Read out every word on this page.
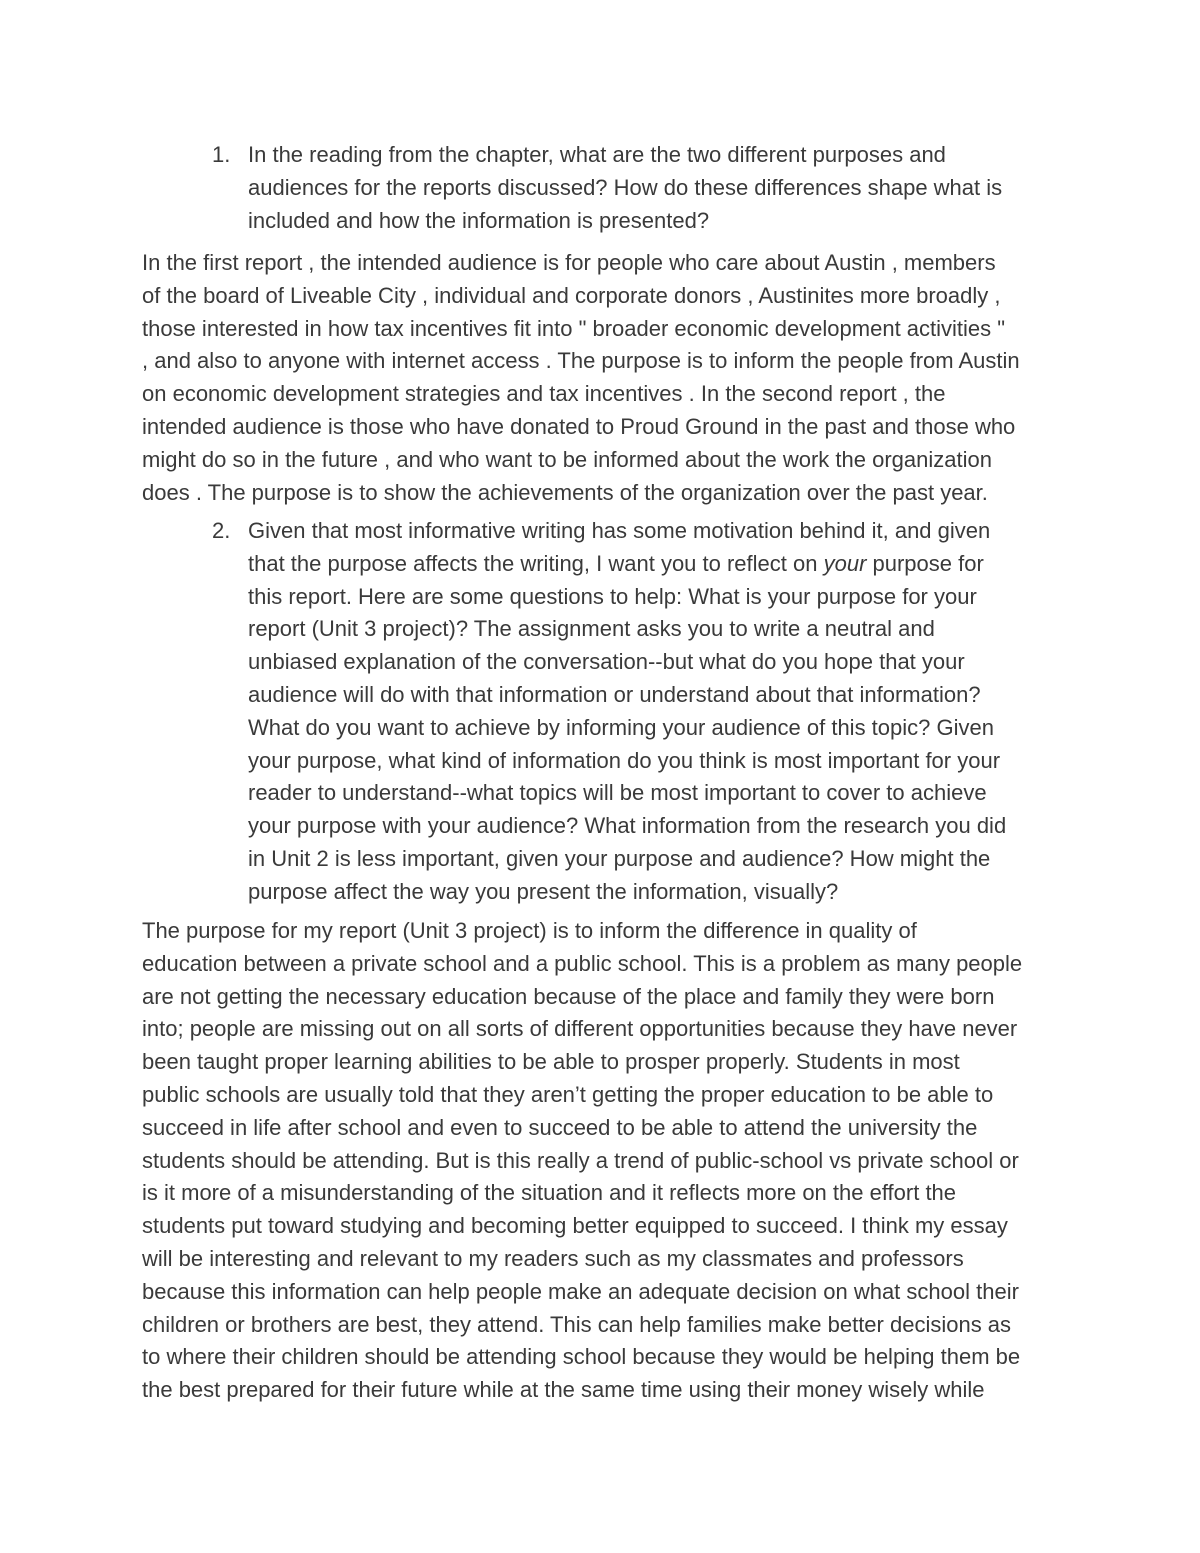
1. In the reading from the chapter, what are the two different purposes and
audiences for the reports discussed? How do these differences shape what is
included and how the information is presented?
In the first report , the intended audience is for people who care about Austin , members
of the board of Liveable City , individual and corporate donors , Austinites more broadly ,
those interested in how tax incentives fit into " broader economic development activities "
, and also to anyone with internet access . The purpose is to inform the people from Austin
on economic development strategies and tax incentives . In the second report , the
intended audience is those who have donated to Proud Ground in the past and those who
might do so in the future , and who want to be informed about the work the organization
does . The purpose is to show the achievements of the organization over the past year.
2. Given that most informative writing has some motivation behind it, and given
that the purpose affects the writing, I want you to reflect on your purpose for
this report. Here are some questions to help: What is your purpose for your
report (Unit 3 project)? The assignment asks you to write a neutral and
unbiased explanation of the conversation--but what do you hope that your
audience will do with that information or understand about that information?
What do you want to achieve by informing your audience of this topic? Given
your purpose, what kind of information do you think is most important for your
reader to understand--what topics will be most important to cover to achieve
your purpose with your audience? What information from the research you did
in Unit 2 is less important, given your purpose and audience? How might the
purpose affect the way you present the information, visually?
The purpose for my report (Unit 3 project) is to inform the difference in quality of
education between a private school and a public school. This is a problem as many people
are not getting the necessary education because of the place and family they were born
into; people are missing out on all sorts of different opportunities because they have never
been taught proper learning abilities to be able to prosper properly. Students in most
public schools are usually told that they aren’t getting the proper education to be able to
succeed in life after school and even to succeed to be able to attend the university the
students should be attending. But is this really a trend of public-school vs private school or
is it more of a misunderstanding of the situation and it reflects more on the effort the
students put toward studying and becoming better equipped to succeed. I think my essay
will be interesting and relevant to my readers such as my classmates and professors
because this information can help people make an adequate decision on what school their
children or brothers are best, they attend. This can help families make better decisions as
to where their children should be attending school because they would be helping them be
the best prepared for their future while at the same time using their money wisely while
